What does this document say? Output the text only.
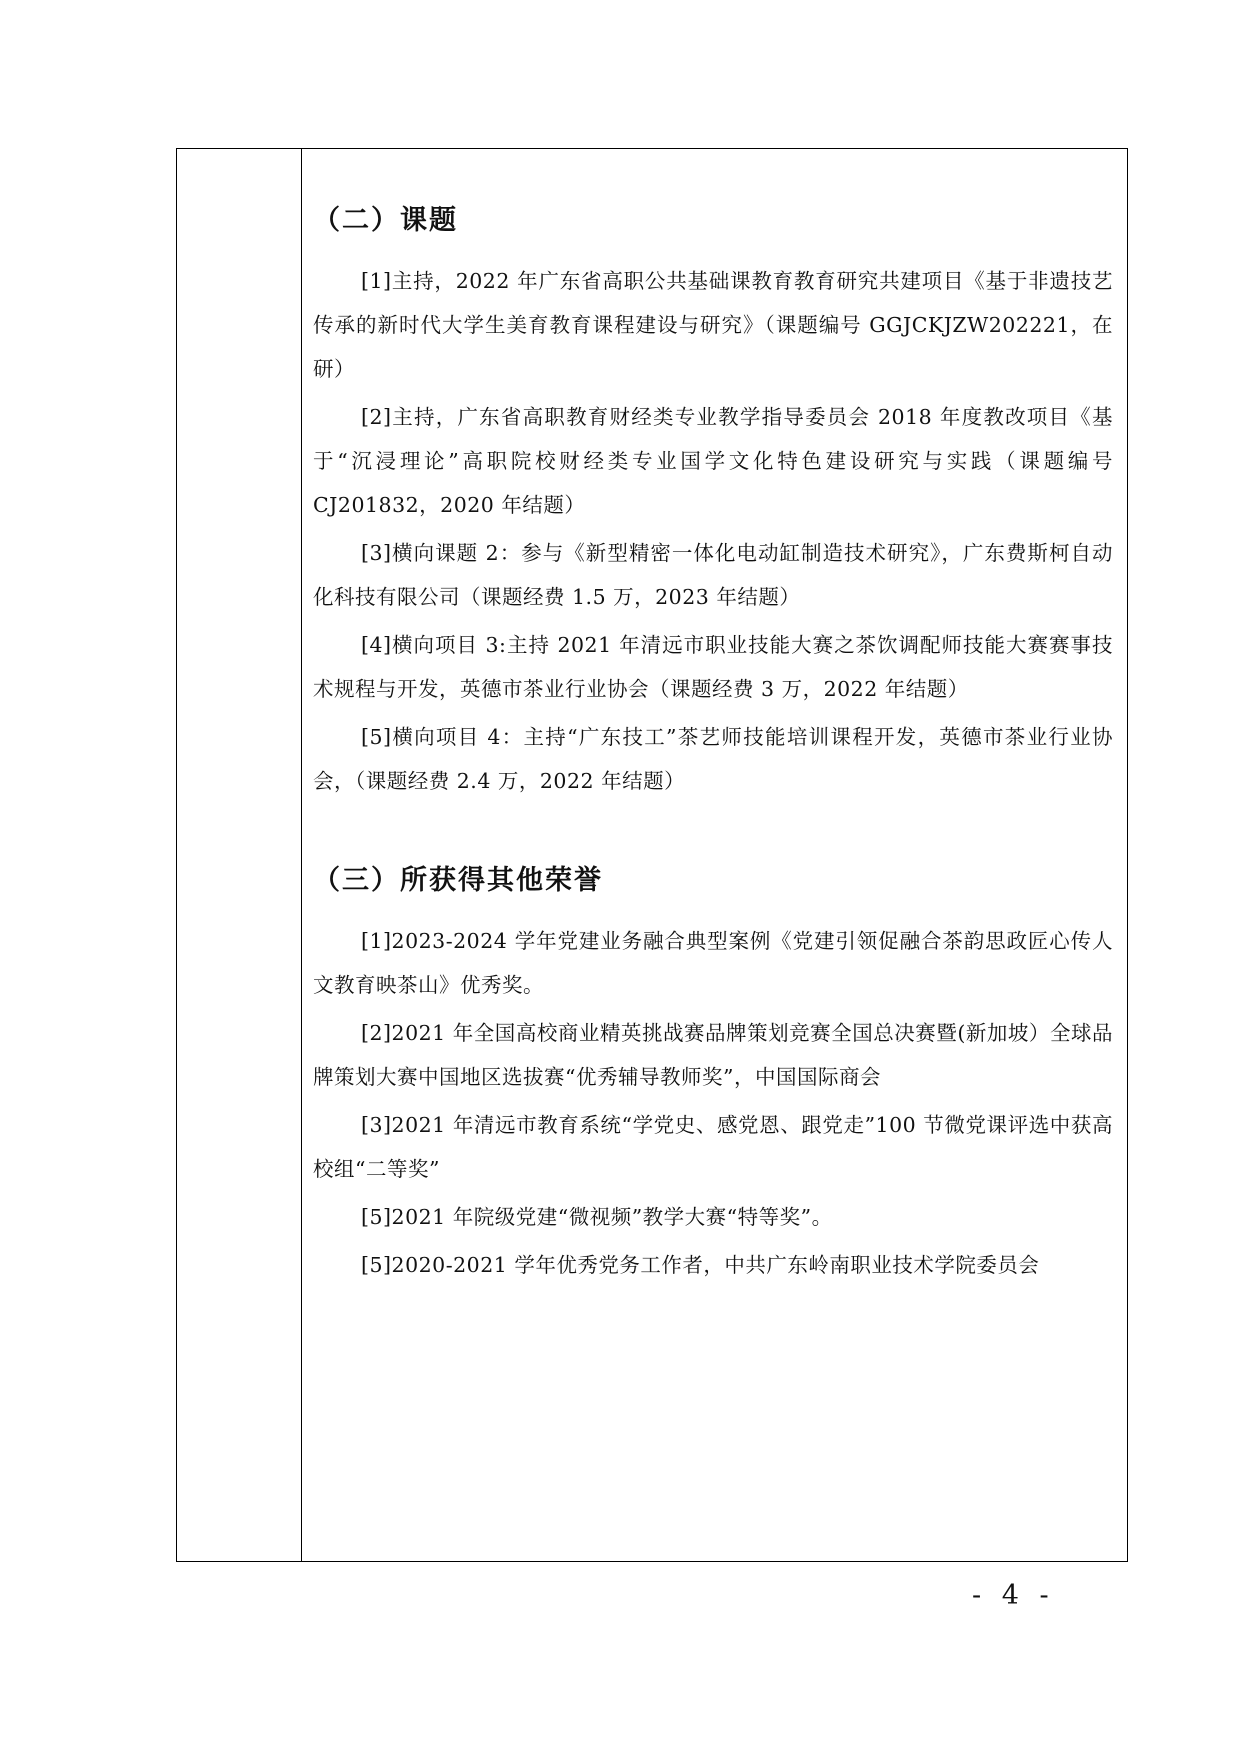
（二）课题

[1]主持，2022 年广东省高职公共基础课教育教育研究共建项目《基于非遗技艺传承的新时代大学生美育教育课程建设与研究》（课题编号 GGJCKJZW202221，在研）

[2]主持，广东省高职教育财经类专业教学指导委员会 2018 年度教改项目《基于“沉浸理论”高职院校财经类专业国学文化特色建设研究与实践（课题编号 CJ201832，2020 年结题）

[3]横向课题 2：参与《新型精密一体化电动缸制造技术研究》，广东费斯柯自动化科技有限公司（课题经费 1.5 万，2023 年结题）

[4]横向项目 3:主持 2021 年清远市职业技能大赛之茶饮调配师技能大赛赛事技术规程与开发，英德市茶业行业协会（课题经费 3 万，2022 年结题）

[5]横向项目 4：主持“广东技工”茶艺师技能培训课程开发，英德市茶业行业协会，（课题经费 2.4 万，2022 年结题）

（三）所获得其他荣誉

[1]2023-2024 学年党建业务融合典型案例《党建引领促融合茶韵思政匠心传人文教育映茶山》优秀奖。

[2]2021 年全国高校商业精英挑战赛品牌策划竞赛全国总决赛暨(新加坡）全球品牌策划大赛中国地区选拔赛“优秀辅导教师奖”，中国国际商会

[3]2021 年清远市教育系统“学党史、感党恩、跟党走”100 节微党课评选中获高校组“二等奖”

[5]2021 年院级党建“微视频”教学大赛“特等奖”。

[5]2020-2021 学年优秀党务工作者，中共广东岭南职业技术学院委员会

- 4 -
